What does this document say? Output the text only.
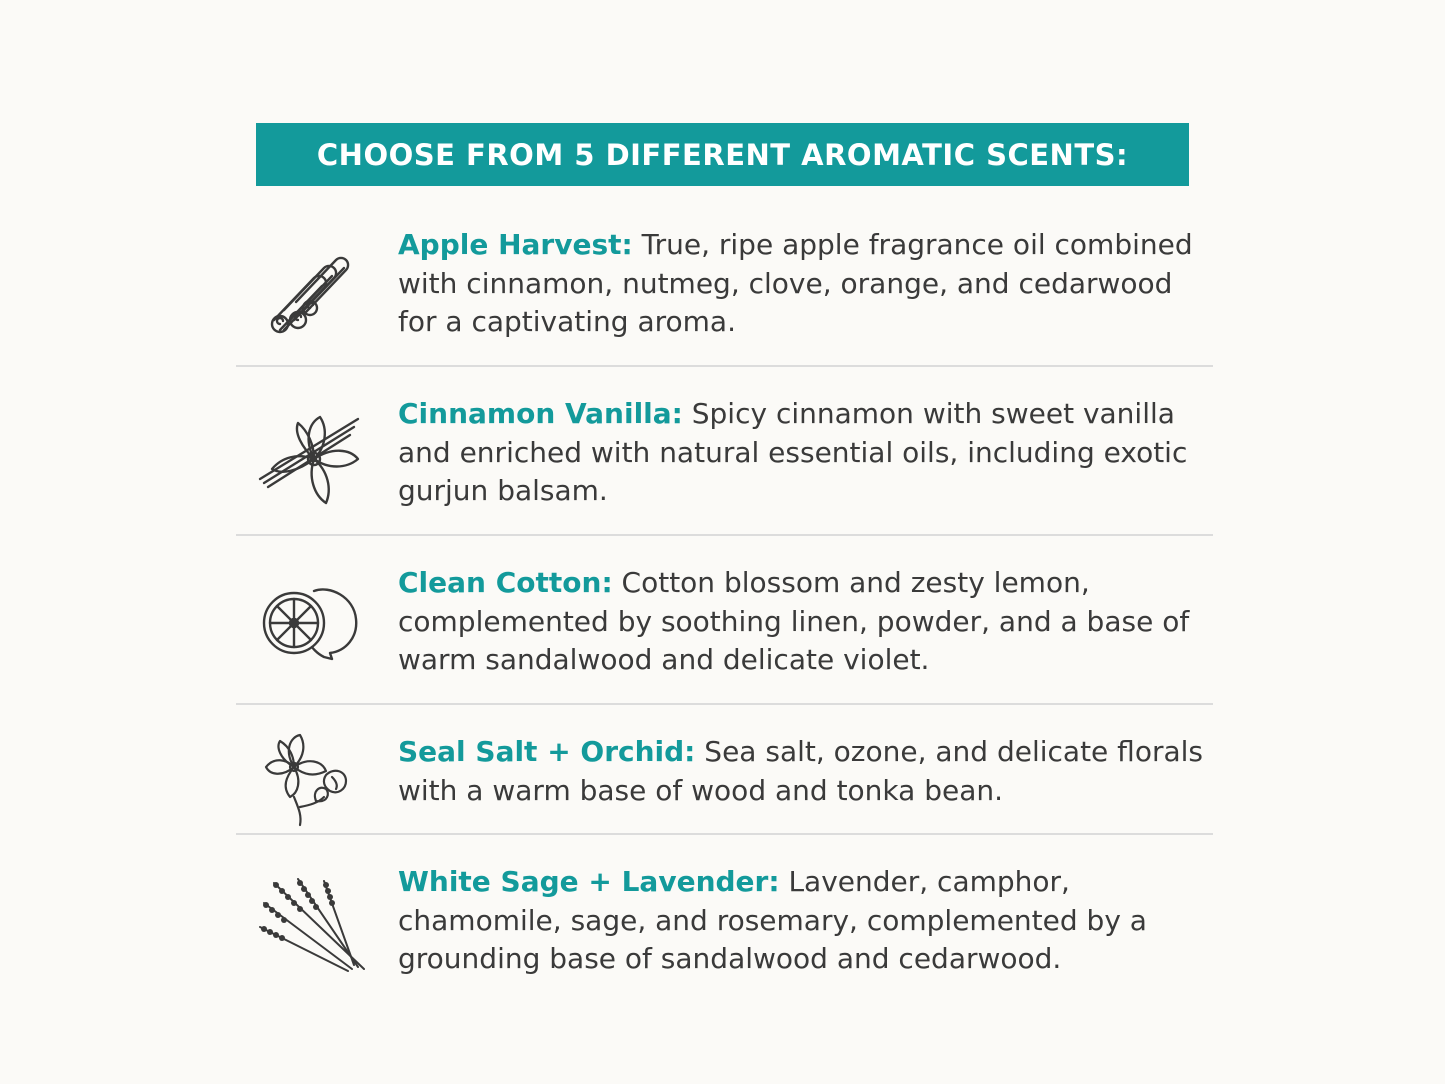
CHOOSE FROM 5 DIFFERENT AROMATIC SCENTS:
Apple Harvest: True, ripe apple fragrance oil combined with cinnamon, nutmeg, clove, orange, and cedarwood for a captivating aroma.
Cinnamon Vanilla: Spicy cinnamon with sweet vanilla and enriched with natural essential oils, including exotic gurjun balsam.
Clean Cotton: Cotton blossom and zesty lemon, complemented by soothing linen, powder, and a base of warm sandalwood and delicate violet.
Seal Salt + Orchid: Sea salt, ozone, and delicate florals with a warm base of wood and tonka bean.
White Sage + Lavender: Lavender, camphor, chamomile, sage, and rosemary, complemented by a grounding base of sandalwood and cedarwood.
